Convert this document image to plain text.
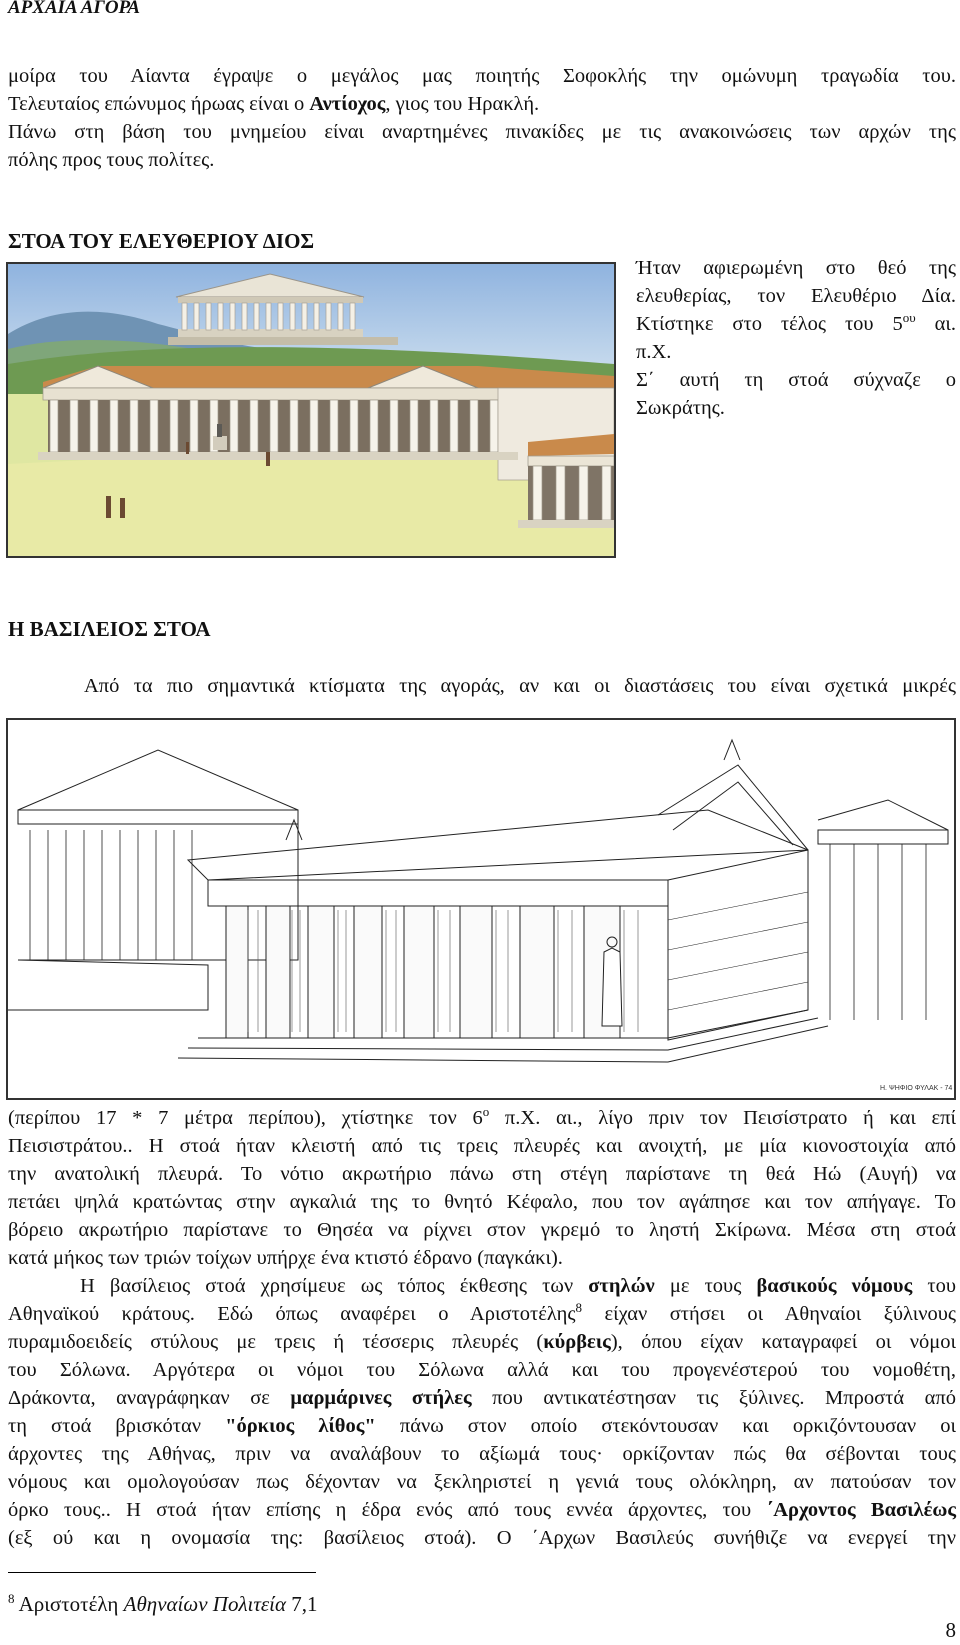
ΑΡΧΑΙΑ ΑΓΟΡΑ
μοίρα του Αίαντα έγραψε ο μεγάλος μας ποιητής Σοφοκλής την ομώνυμη τραγωδία του.
Τελευταίος επώνυμος ήρωας είναι ο Αντίοχος, γιος του Ηρακλή.
Πάνω στη βάση του μνημείου είναι αναρτημένες πινακίδες με τις ανακοινώσεις των αρχών της
πόλης προς τους πολίτες.
ΣΤΟΑ ΤΟΥ ΕΛΕΥΘΕΡΙΟΥ ΔΙΟΣ
Ήταν αφιερωμένη στο θεό της
ελευθερίας, τον Ελευθέριο Δία.
Κτίστηκε στο τέλος του $5^{o\upsilon}$ αι.
π.Χ.
Σ΄ αυτή τη στοά σύχναζε ο
Σωκράτης.
Η ΒΑΣΙΛΕΙΟΣ ΣΤΟΑ
Από τα πιο σημαντικά κτίσματα της αγοράς, αν και οι διαστάσεις του είναι σχετικά μικρές
Η. ΨΗΦΙΟ ΦΥΛΑΚ - 74
(περίπου 17 * 7 μέτρα περίπου), χτίστηκε τον $6^o$ π.Χ. αι., λίγο πριν τον Πεισίστρατο ή και επί
Πεισιστράτου.. Η στοά ήταν κλειστή από τις τρεις πλευρές και ανοιχτή, με μία κιονοστοιχία από
την ανατολική πλευρά. Το νότιο ακρωτήριο πάνω στη στέγη παρίστανε τη θεά Ηώ (Αυγή) να
πετάει ψηλά κρατώντας στην αγκαλιά της το θνητό Κέφαλο, που τον αγάπησε και τον απήγαγε. Το
βόρειο ακρωτήριο παρίστανε το Θησέα να ρίχνει στον γκρεμό το ληστή Σκίρωνα. Μέσα στη στοά
κατά μήκος των τριών τοίχων υπήρχε ένα κτιστό έδρανο (παγκάκι).
Η βασίλειος στοά χρησίμευε ως τόπος έκθεσης των στηλών με τους βασικούς νόμους του
Αθηναϊκού κράτους. Εδώ όπως αναφέρει ο Αριστοτέλης$^8$ είχαν στήσει οι Αθηναίοι ξύλινους
πυραμιδοειδείς στύλους με τρεις ή τέσσερις πλευρές (κύρβεις), όπου είχαν καταγραφεί οι νόμοι
του Σόλωνα. Αργότερα οι νόμοι του Σόλωνα αλλά και του προγενέστερού του νομοθέτη,
Δράκοντα, αναγράφηκαν σε μαρμάρινες στήλες που αντικατέστησαν τις ξύλινες. Μπροστά από
τη στοά βρισκόταν "όρκιος λίθος" πάνω στον οποίο στεκόντουσαν και ορκιζόντουσαν οι
άρχοντες της Αθήνας, πριν να αναλάβουν το αξίωμά τους· ορκίζονταν πώς θα σέβονται τους
νόμους και ομολογούσαν πως δέχονταν να ξεκληριστεί η γενιά τους ολόκληρη, αν πατούσαν τον
όρκο τους.. Η στοά ήταν επίσης η έδρα ενός από τους εννέα άρχοντες, του ΄Αρχοντος Βασιλέως
(εξ ού και η ονομασία της: βασίλειος στοά). Ο ΄Αρχων Βασιλεύς συνήθιζε να ενεργεί την
$^8$ Αριστοτέλη Αθηναίων Πολιτεία 7,1
8
